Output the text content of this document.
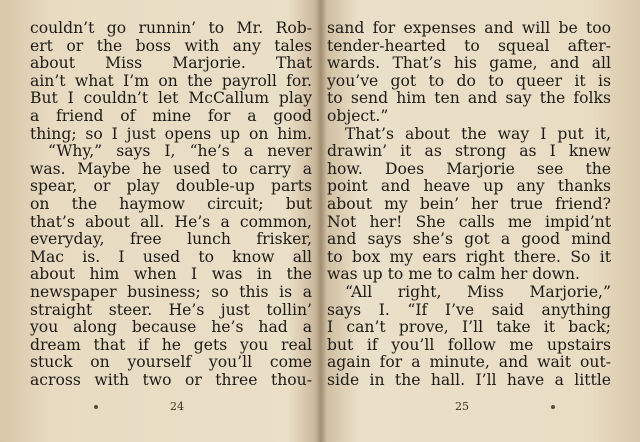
couldn’t go runnin’ to Mr. Rob-
ert or the boss with any tales
about Miss Marjorie. That
ain’t what I’m on the payroll for.
But I couldn’t let McCallum play
a friend of mine for a good
thing; so I just opens up on him.
“Why,” says I, “he’s a never
was. Maybe he used to carry a
spear, or play double-up parts
on the haymow circuit; but
that’s about all. He’s a common,
everyday, free lunch frisker,
Mac is. I used to know all
about him when I was in the
newspaper business; so this is a
straight steer. He’s just tollin’
you along because he’s had a
dream that if he gets you real
stuck on yourself you’ll come
across with two or three thou-
24
sand for expenses and will be too
tender-hearted to squeal after-
wards. That’s his game, and all
you’ve got to do to queer it is
to send him ten and say the folks
object.”
That’s about the way I put it,
drawin’ it as strong as I knew
how. Does Marjorie see the
point and heave up any thanks
about my bein’ her true friend?
Not her! She calls me impid’nt
and says she’s got a good mind
to box my ears right there. So it
was up to me to calm her down.
“All right, Miss Marjorie,”
says I. “If I’ve said anything
I can’t prove, I’ll take it back;
but if you’ll follow me upstairs
again for a minute, and wait out-
side in the hall. I’ll have a little
25
